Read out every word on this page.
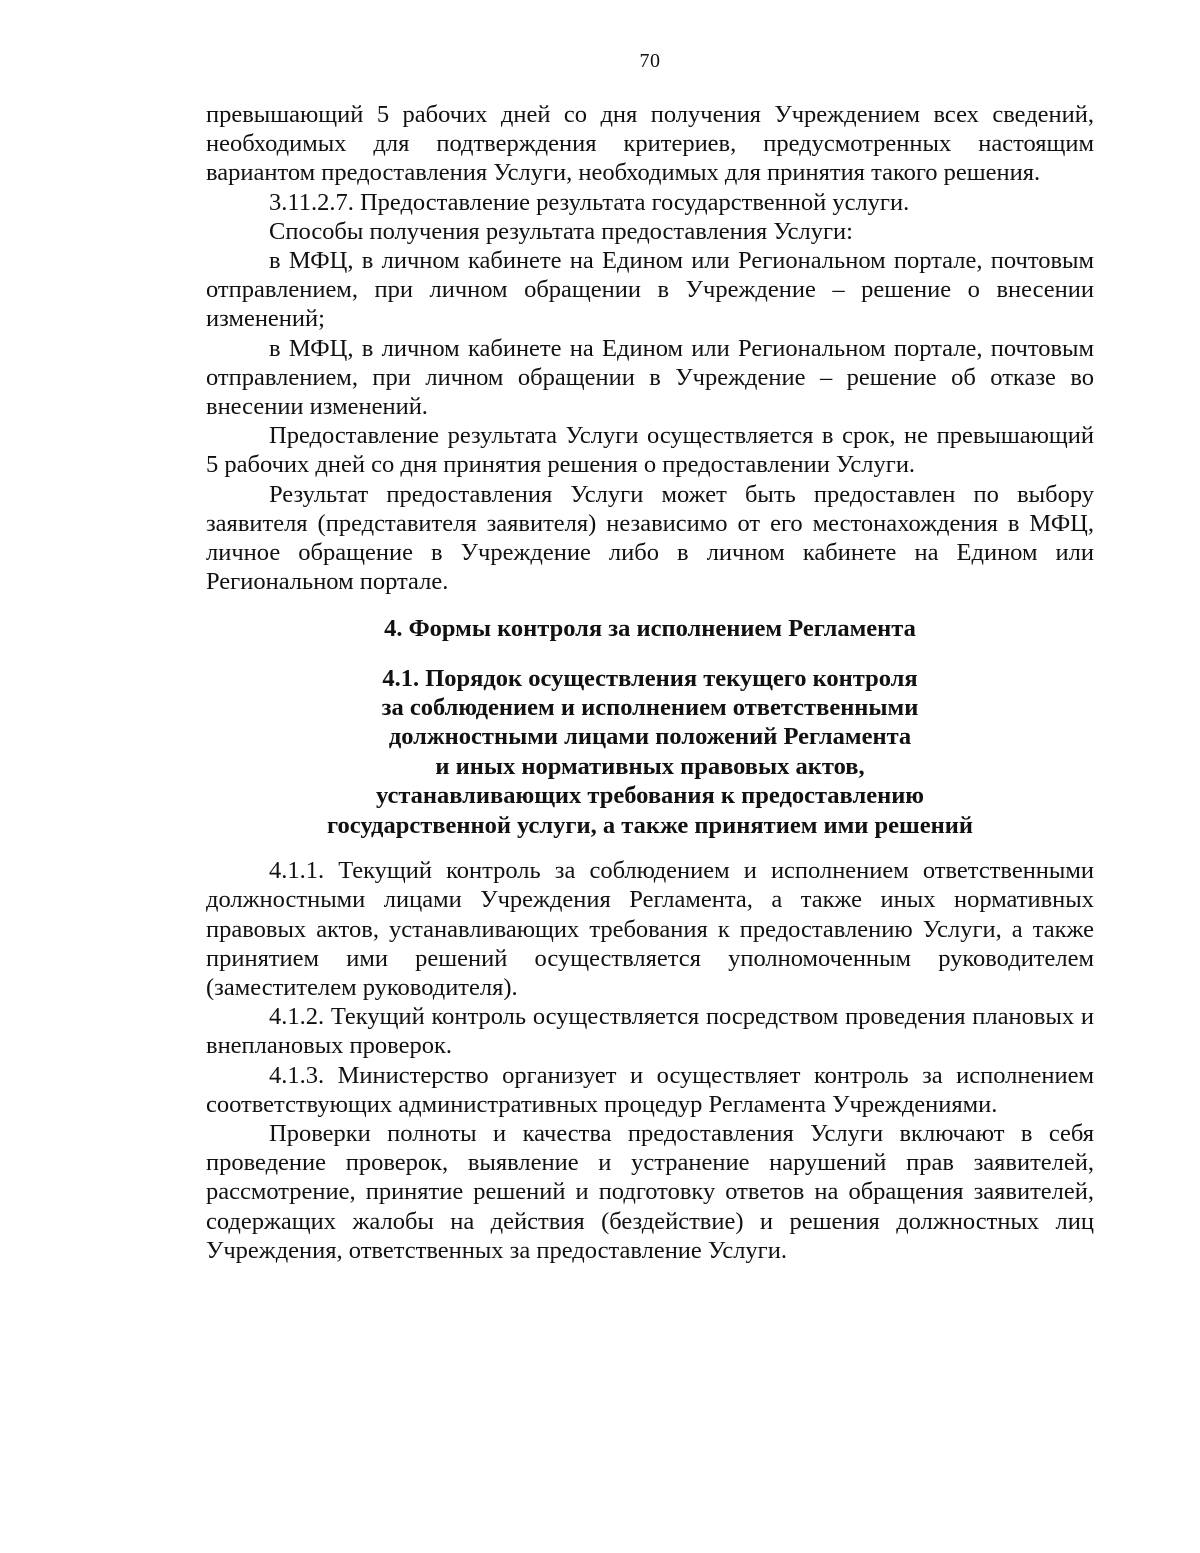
70

превышающий 5 рабочих дней со дня получения Учреждением всех сведений, необходимых для подтверждения критериев, предусмотренных настоящим вариантом предоставления Услуги, необходимых для принятия такого решения.

3.11.2.7. Предоставление результата государственной услуги.

Способы получения результата предоставления Услуги:

в МФЦ, в личном кабинете на Едином или Региональном портале, почтовым отправлением, при личном обращении в Учреждение – решение о внесении изменений;

в МФЦ, в личном кабинете на Едином или Региональном портале, почтовым отправлением, при личном обращении в Учреждение – решение об отказе во внесении изменений.

Предоставление результата Услуги осуществляется в срок, не превышающий 5 рабочих дней со дня принятия решения о предоставлении Услуги.

Результат предоставления Услуги может быть предоставлен по выбору заявителя (представителя заявителя) независимо от его местонахождения в МФЦ, личное обращение в Учреждение либо в личном кабинете на Едином или Региональном портале.

4. Формы контроля за исполнением Регламента
4.1. Порядок осуществления текущего контроля
за соблюдением и исполнением ответственными
должностными лицами положений Регламента
и иных нормативных правовых актов,
устанавливающих требования к предоставлению
государственной услуги, а также принятием ими решений

4.1.1. Текущий контроль за соблюдением и исполнением ответственными должностными лицами Учреждения Регламента, а также иных нормативных правовых актов, устанавливающих требования к предоставлению Услуги, а также принятием ими решений осуществляется уполномоченным руководителем (заместителем руководителя).

4.1.2. Текущий контроль осуществляется посредством проведения плановых и внеплановых проверок.

4.1.3. Министерство организует и осуществляет контроль за исполнением соответствующих административных процедур Регламента Учреждениями.

Проверки полноты и качества предоставления Услуги включают в себя проведение проверок, выявление и устранение нарушений прав заявителей, рассмотрение, принятие решений и подготовку ответов на обращения заявителей, содержащих жалобы на действия (бездействие) и решения должностных лиц Учреждения, ответственных за предоставление Услуги.
